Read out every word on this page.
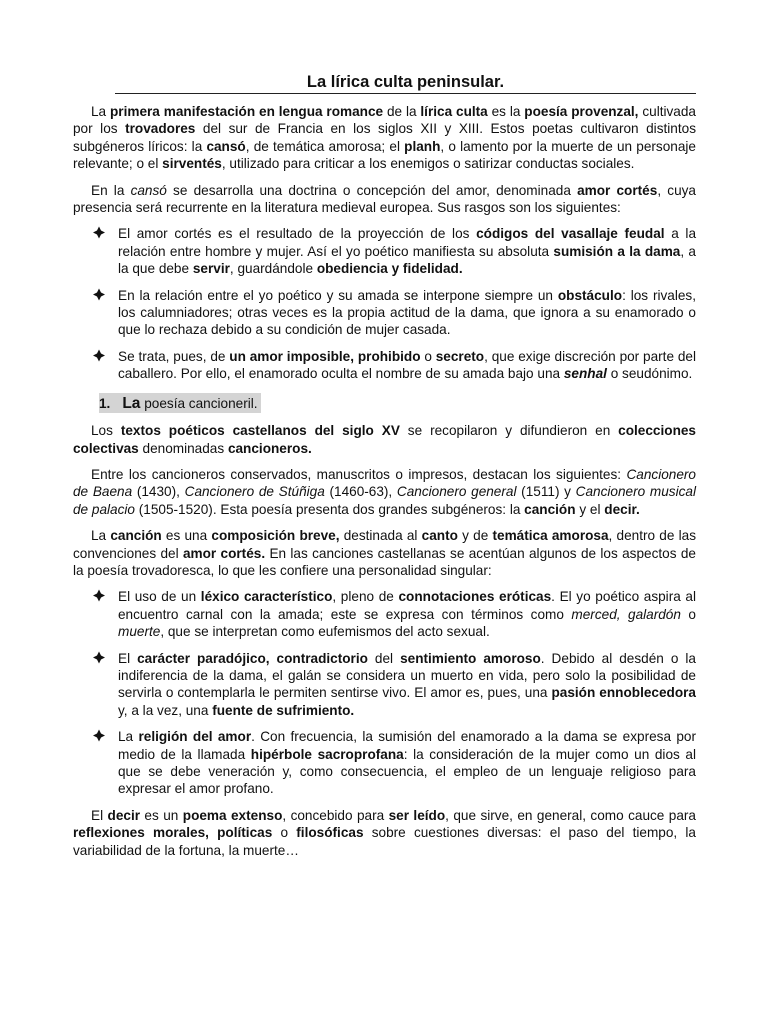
La lírica culta peninsular.

La primera manifestación en lengua romance de la lírica culta es la poesía provenzal, cultivada por los trovadores del sur de Francia en los siglos XII y XIII. Estos poetas cultivaron distintos subgéneros líricos: la cansó, de temática amorosa; el planh, o lamento por la muerte de un personaje relevante; o el sirventés, utilizado para criticar a los enemigos o satirizar conductas sociales.

En la cansó se desarrolla una doctrina o concepción del amor, denominada amor cortés, cuya presencia será recurrente en la literatura medieval europea. Sus rasgos son los siguientes:

El amor cortés es el resultado de la proyección de los códigos del vasallaje feudal a la relación entre hombre y mujer. Así el yo poético manifiesta su absoluta sumisión a la dama, a la que debe servir, guardándole obediencia y fidelidad.
En la relación entre el yo poético y su amada se interpone siempre un obstáculo: los rivales, los calumniadores; otras veces es la propia actitud de la dama, que ignora a su enamorado o que lo rechaza debido a su condición de mujer casada.
Se trata, pues, de un amor imposible, prohibido o secreto, que exige discreción por parte del caballero. Por ello, el enamorado oculta el nombre de su amada bajo una senhal o seudónimo.
1. La poesía cancioneril.

Los textos poéticos castellanos del siglo XV se recopilaron y difundieron en colecciones colectivas denominadas cancioneros.

Entre los cancioneros conservados, manuscritos o impresos, destacan los siguientes: Cancionero de Baena (1430), Cancionero de Stúñiga (1460-63), Cancionero general (1511) y Cancionero musical de palacio (1505-1520). Esta poesía presenta dos grandes subgéneros: la canción y el decir.

La canción es una composición breve, destinada al canto y de temática amorosa, dentro de las convenciones del amor cortés. En las canciones castellanas se acentúan algunos de los aspectos de la poesía trovadoresca, lo que les confiere una personalidad singular:

El uso de un léxico característico, pleno de connotaciones eróticas. El yo poético aspira al encuentro carnal con la amada; este se expresa con términos como merced, galardón o muerte, que se interpretan como eufemismos del acto sexual.
El carácter paradójico, contradictorio del sentimiento amoroso. Debido al desdén o la indiferencia de la dama, el galán se considera un muerto en vida, pero solo la posibilidad de servirla o contemplarla le permiten sentirse vivo. El amor es, pues, una pasión ennoblecedora y, a la vez, una fuente de sufrimiento.
La religión del amor. Con frecuencia, la sumisión del enamorado a la dama se expresa por medio de la llamada hipérbole sacroprofana: la consideración de la mujer como un dios al que se debe veneración y, como consecuencia, el empleo de un lenguaje religioso para expresar el amor profano.

El decir es un poema extenso, concebido para ser leído, que sirve, en general, como cauce para reflexiones morales, políticas o filosóficas sobre cuestiones diversas: el paso del tiempo, la variabilidad de la fortuna, la muerte…
